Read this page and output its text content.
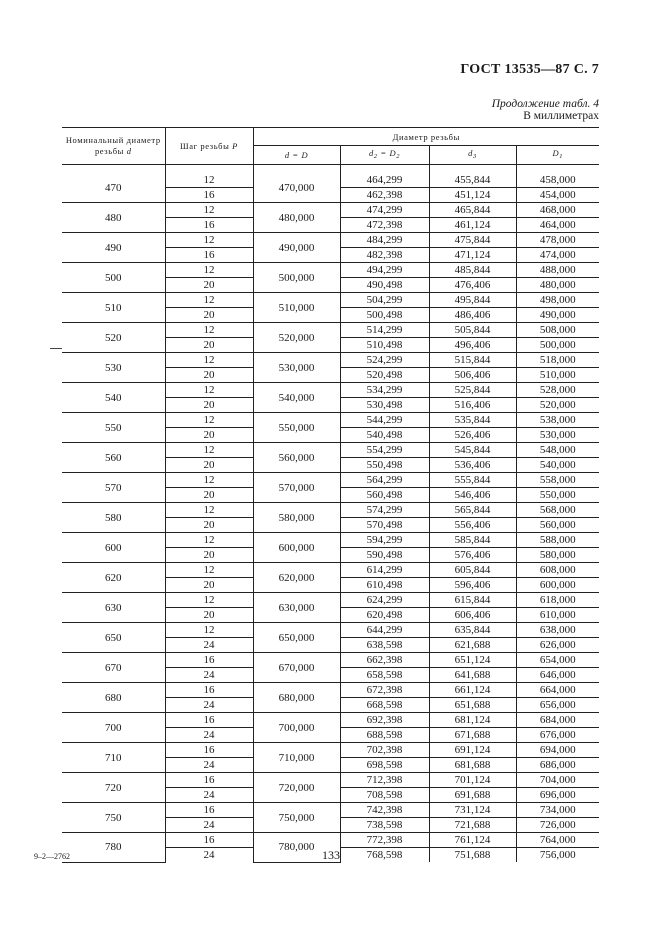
ГОСТ 13535—87 С. 7
Продолжение табл. 4
В миллиметрах
Номинальный диаметр резьбы d	Шаг резьбы P	Диаметр резьбы			
		d = D	$d_2 = D_2$	$d_3$	$D_1$

470	12	470,000	464,299	455,844	458,000
	16		462,398	451,124	454,000
480	12	480,000	474,299	465,844	468,000
	16		472,398	461,124	464,000
490	12	490,000	484,299	475,844	478,000
	16		482,398	471,124	474,000
500	12	500,000	494,299	485,844	488,000
	20		490,498	476,406	480,000
510	12	510,000	504,299	495,844	498,000
	20		500,498	486,406	490,000
520	12	520,000	514,299	505,844	508,000
	20		510,498	496,406	500,000
530	12	530,000	524,299	515,844	518,000
	20		520,498	506,406	510,000
540	12	540,000	534,299	525,844	528,000
	20		530,498	516,406	520,000
550	12	550,000	544,299	535,844	538,000
	20		540,498	526,406	530,000
560	12	560,000	554,299	545,844	548,000
	20		550,498	536,406	540,000
570	12	570,000	564,299	555,844	558,000
	20		560,498	546,406	550,000
580	12	580,000	574,299	565,844	568,000
	20		570,498	556,406	560,000
600	12	600,000	594,299	585,844	588,000
	20		590,498	576,406	580,000
620	12	620,000	614,299	605,844	608,000
	20		610,498	596,406	600,000
630	12	630,000	624,299	615,844	618,000
	20		620,498	606,406	610,000
650	12	650,000	644,299	635,844	638,000
	24		638,598	621,688	626,000
670	16	670,000	662,398	651,124	654,000
	24		658,598	641,688	646,000
680	16	680,000	672,398	661,124	664,000
	24		668,598	651,688	656,000
700	16	700,000	692,398	681,124	684,000
	24		688,598	671,688	676,000
710	16	710,000	702,398	691,124	694,000
	24		698,598	681,688	686,000
720	16	720,000	712,398	701,124	704,000
	24		708,598	691,688	696,000
750	16	750,000	742,398	731,124	734,000
	24		738,598	721,688	726,000
780	16	780,000	772,398	761,124	764,000
	24		768,598	751,688	756,000
9–2—2762	133
